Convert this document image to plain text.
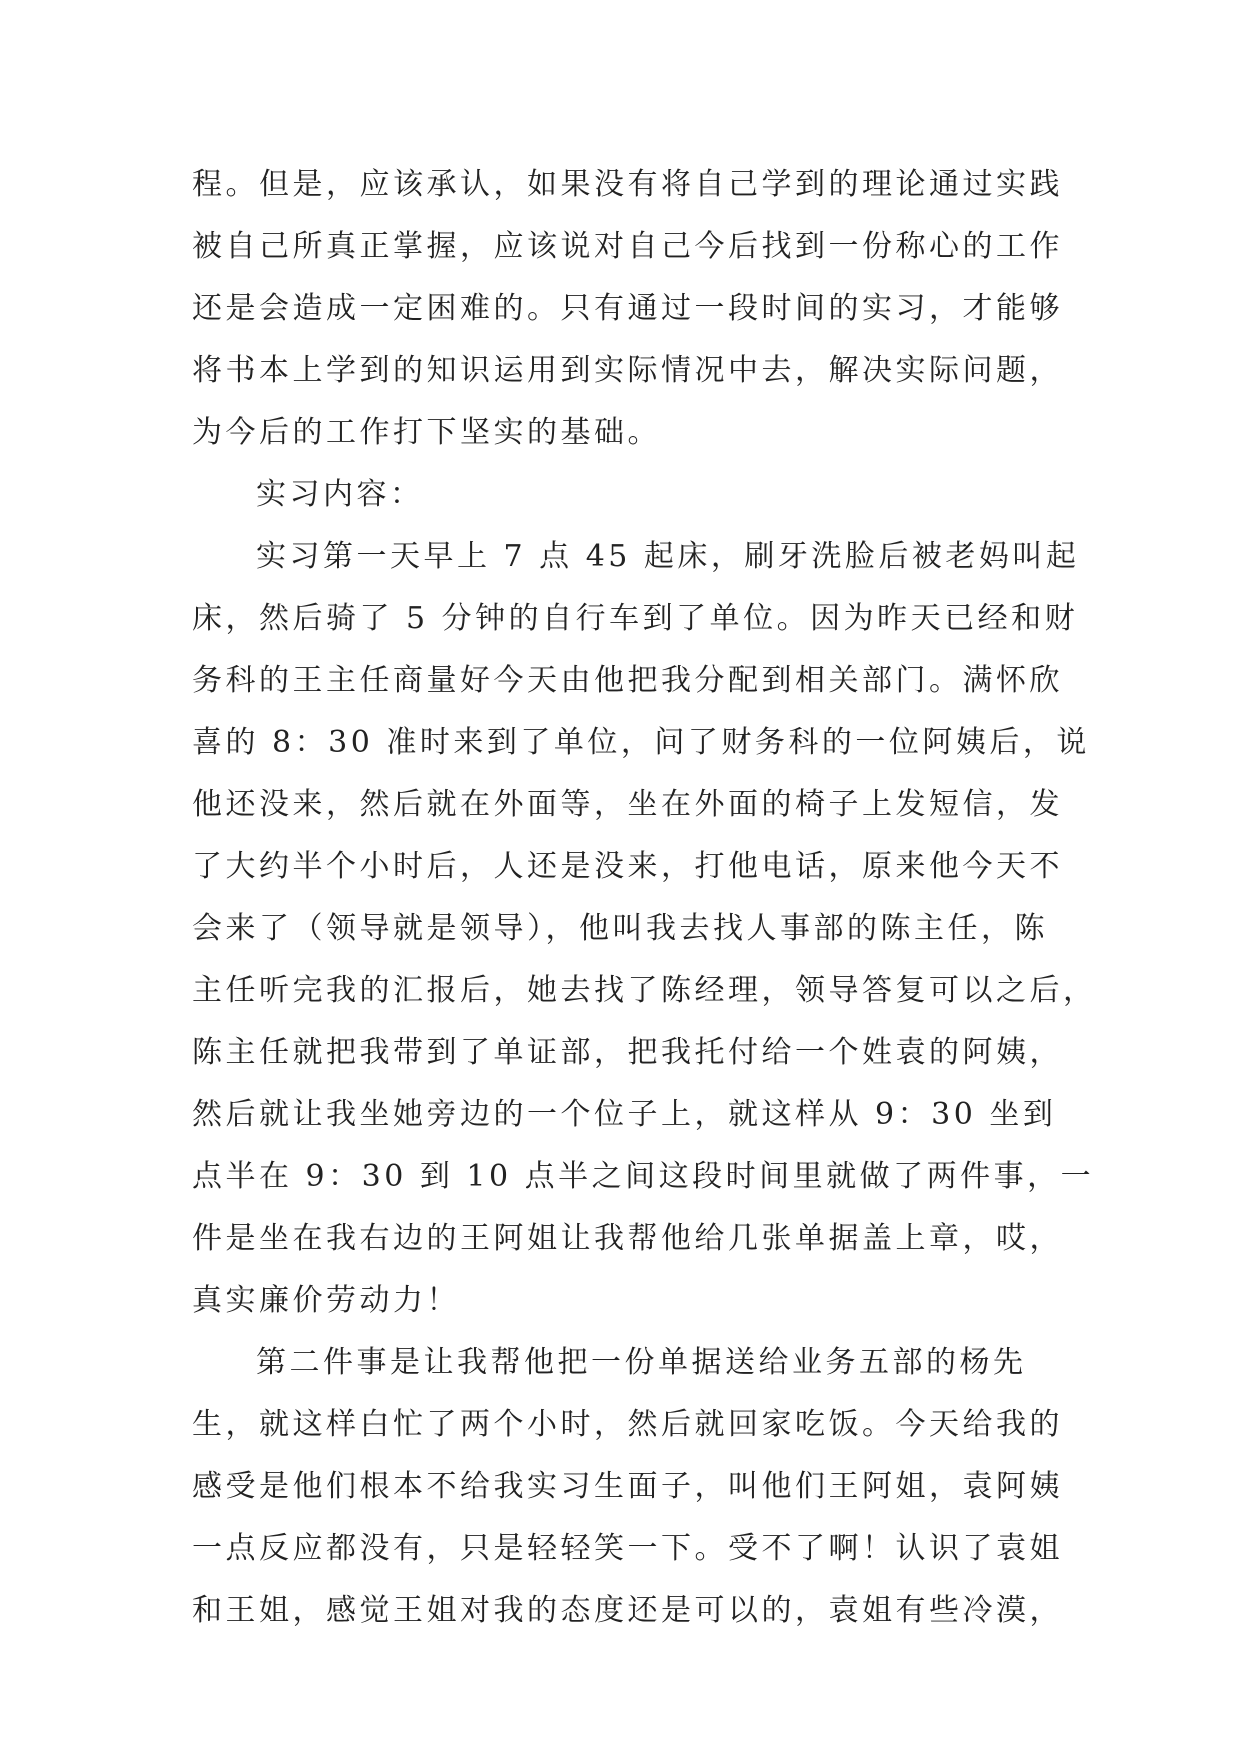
程。但是，应该承认，如果没有将自己学到的理论通过实践
被自己所真正掌握，应该说对自己今后找到一份称心的工作
还是会造成一定困难的。只有通过一段时间的实习，才能够
将书本上学到的知识运用到实际情况中去，解决实际问题，
为今后的工作打下坚实的基础。
实习内容：
实习第一天早上 7 点 45 起床，刷牙洗脸后被老妈叫起
床，然后骑了 5 分钟的自行车到了单位。因为昨天已经和财
务科的王主任商量好今天由他把我分配到相关部门。满怀欣
喜的 8：30 准时来到了单位，问了财务科的一位阿姨后，说
他还没来，然后就在外面等，坐在外面的椅子上发短信，发
了大约半个小时后，人还是没来，打他电话，原来他今天不
会来了（领导就是领导），他叫我去找人事部的陈主任，陈
主任听完我的汇报后，她去找了陈经理，领导答复可以之后，
陈主任就把我带到了单证部，把我托付给一个姓袁的阿姨，
然后就让我坐她旁边的一个位子上，就这样从 9：30 坐到
点半在 9：30 到 10 点半之间这段时间里就做了两件事，一
件是坐在我右边的王阿姐让我帮他给几张单据盖上章，哎，
真实廉价劳动力！
第二件事是让我帮他把一份单据送给业务五部的杨先
生，就这样白忙了两个小时，然后就回家吃饭。今天给我的
感受是他们根本不给我实习生面子，叫他们王阿姐，袁阿姨
一点反应都没有，只是轻轻笑一下。受不了啊！认识了袁姐
和王姐，感觉王姐对我的态度还是可以的，袁姐有些冷漠，
